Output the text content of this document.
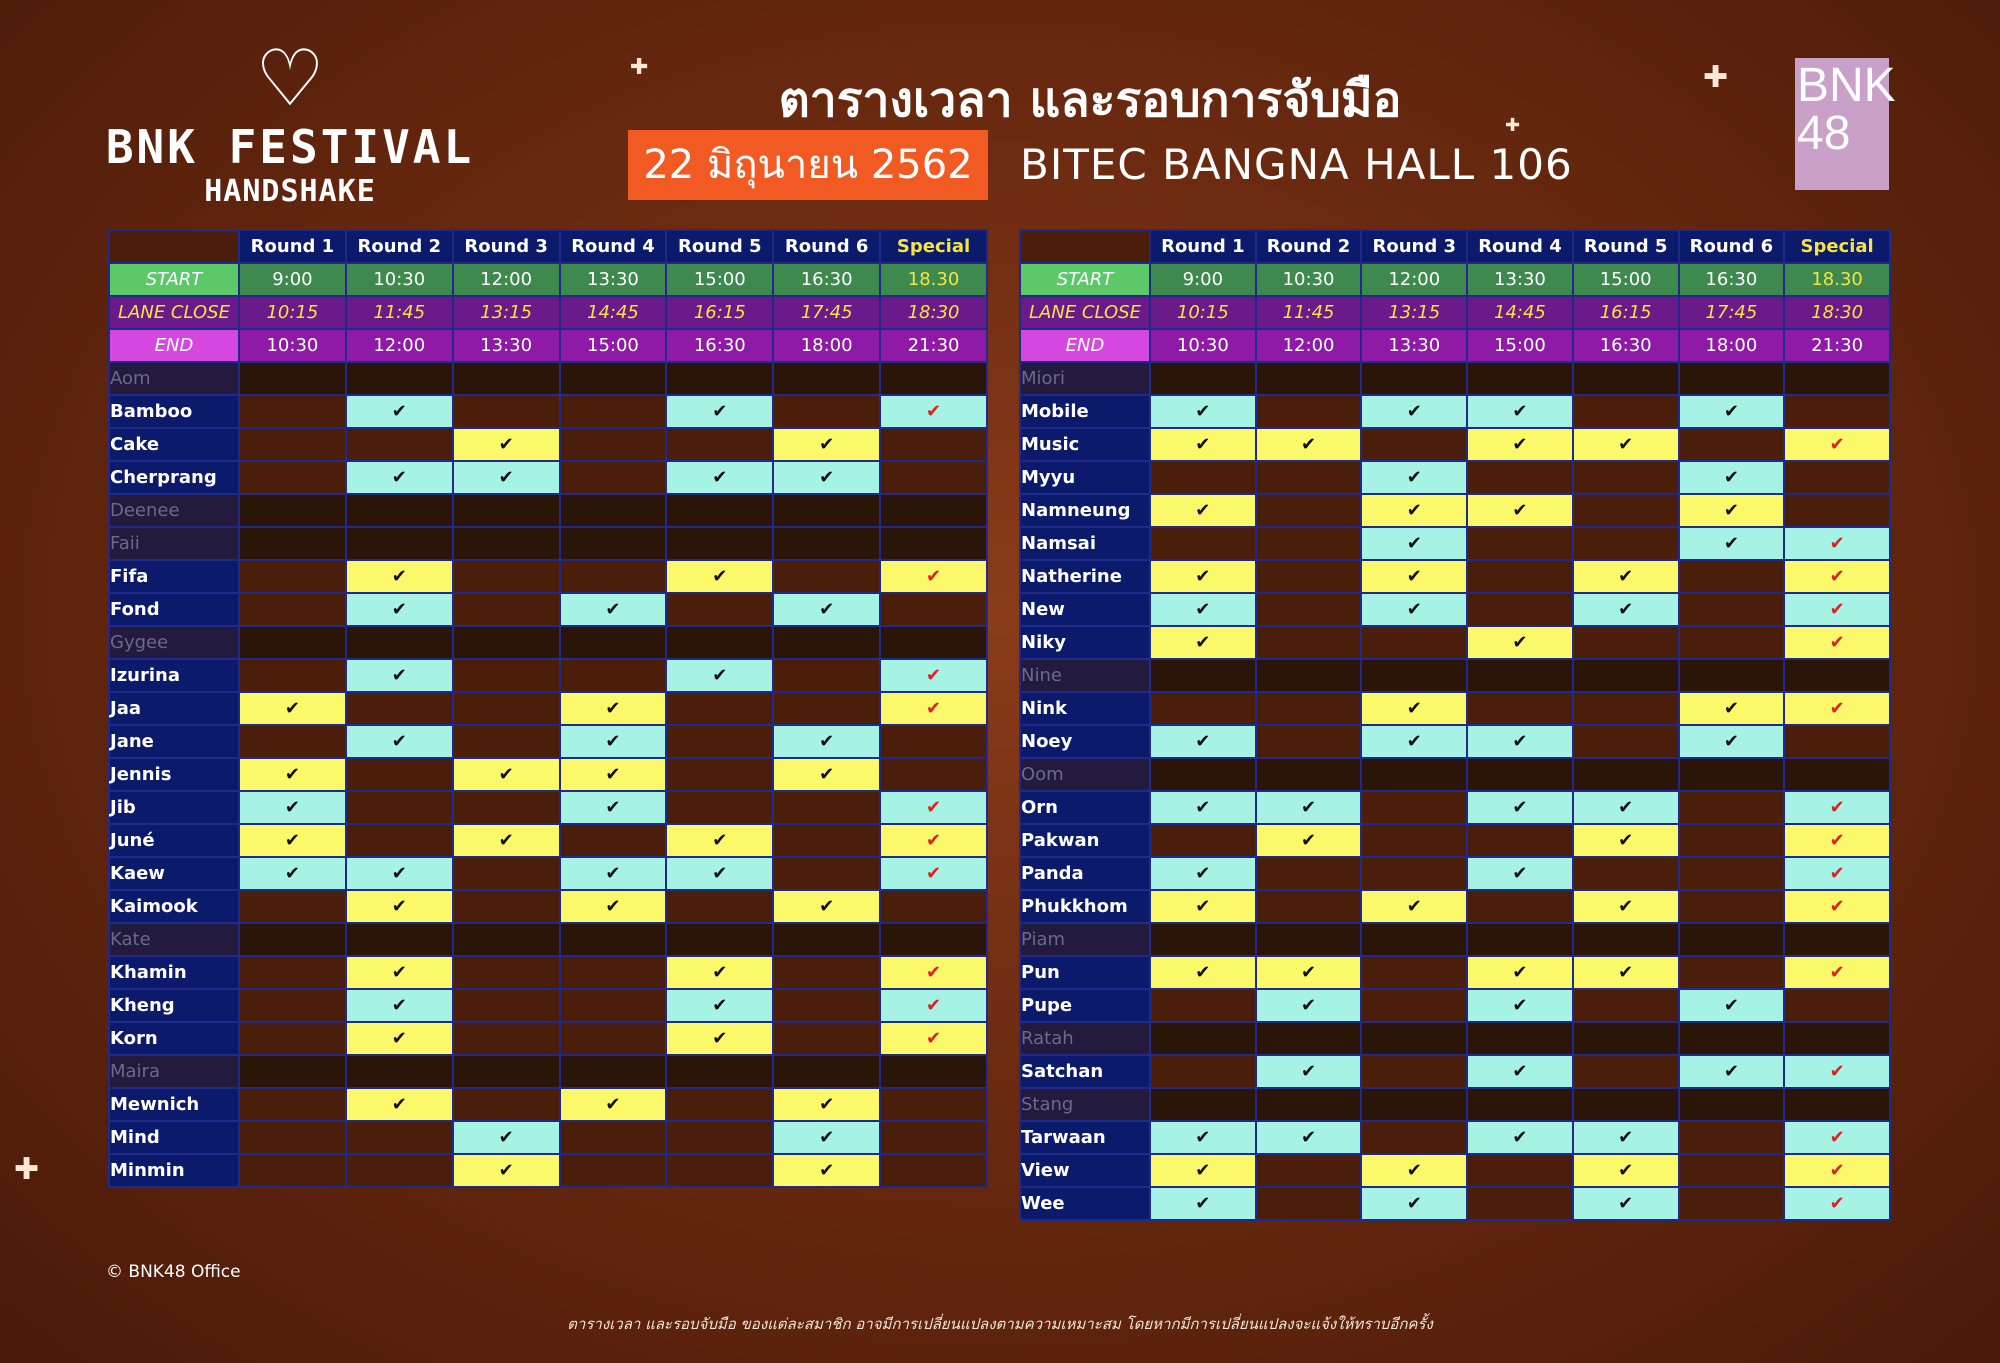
✚	✚
✚
✚
♡
BNK FESTIVAL
HANDSHAKE
ตารางเวลา และรอบการจับมือ
22 มิถุนายน 2562	BITEC BANGNA HALL 106
BNK
48
	Round 1	Round 2	Round 3	Round 4	Round 5	Round 6	Special
START	9:00	10:30	12:00	13:30	15:00	16:30	18.30
LANE CLOSE	10:15	11:45	13:15	14:45	16:15	17:45	18:30
END	10:30	12:00	13:30	15:00	16:30	18:00	21:30
Aom							
Bamboo		✔			✔		✔
Cake			✔			✔	
Cherprang		✔	✔		✔	✔	
Deenee							
Faii							
Fifa		✔			✔		✔
Fond		✔		✔		✔	
Gygee							
Izurina		✔			✔		✔
Jaa	✔			✔			✔
Jane		✔		✔		✔	
Jennis	✔		✔	✔		✔	
Jib	✔			✔			✔
Juné	✔		✔		✔		✔
Kaew	✔	✔		✔	✔		✔
Kaimook		✔		✔		✔	
Kate							
Khamin		✔			✔		✔
Kheng		✔			✔		✔
Korn		✔			✔		✔
Maira							
Mewnich		✔		✔		✔	
Mind			✔			✔	
Minmin			✔			✔	
	Round 1	Round 2	Round 3	Round 4	Round 5	Round 6	Special
START	9:00	10:30	12:00	13:30	15:00	16:30	18.30
LANE CLOSE	10:15	11:45	13:15	14:45	16:15	17:45	18:30
END	10:30	12:00	13:30	15:00	16:30	18:00	21:30
Miori							
Mobile	✔		✔	✔		✔	
Music	✔	✔		✔	✔		✔
Myyu			✔			✔	
Namneung	✔		✔	✔		✔	
Namsai			✔			✔	✔
Natherine	✔		✔		✔		✔
New	✔		✔		✔		✔
Niky	✔			✔			✔
Nine							
Nink			✔			✔	✔
Noey	✔		✔	✔		✔	
Oom							
Orn	✔	✔		✔	✔		✔
Pakwan		✔			✔		✔
Panda	✔			✔			✔
Phukkhom	✔		✔		✔		✔
Piam							
Pun	✔	✔		✔	✔		✔
Pupe		✔		✔		✔	
Ratah							
Satchan		✔		✔		✔	✔
Stang							
Tarwaan	✔	✔		✔	✔		✔
View	✔		✔		✔		✔
Wee	✔		✔		✔		✔
© BNK48 Office
ตารางเวลา และรอบจับมือ ของแต่ละสมาชิก อาจมีการเปลี่ยนแปลงตามความเหมาะสม โดยหากมีการเปลี่ยนแปลงจะแจ้งให้ทราบอีกครั้ง
